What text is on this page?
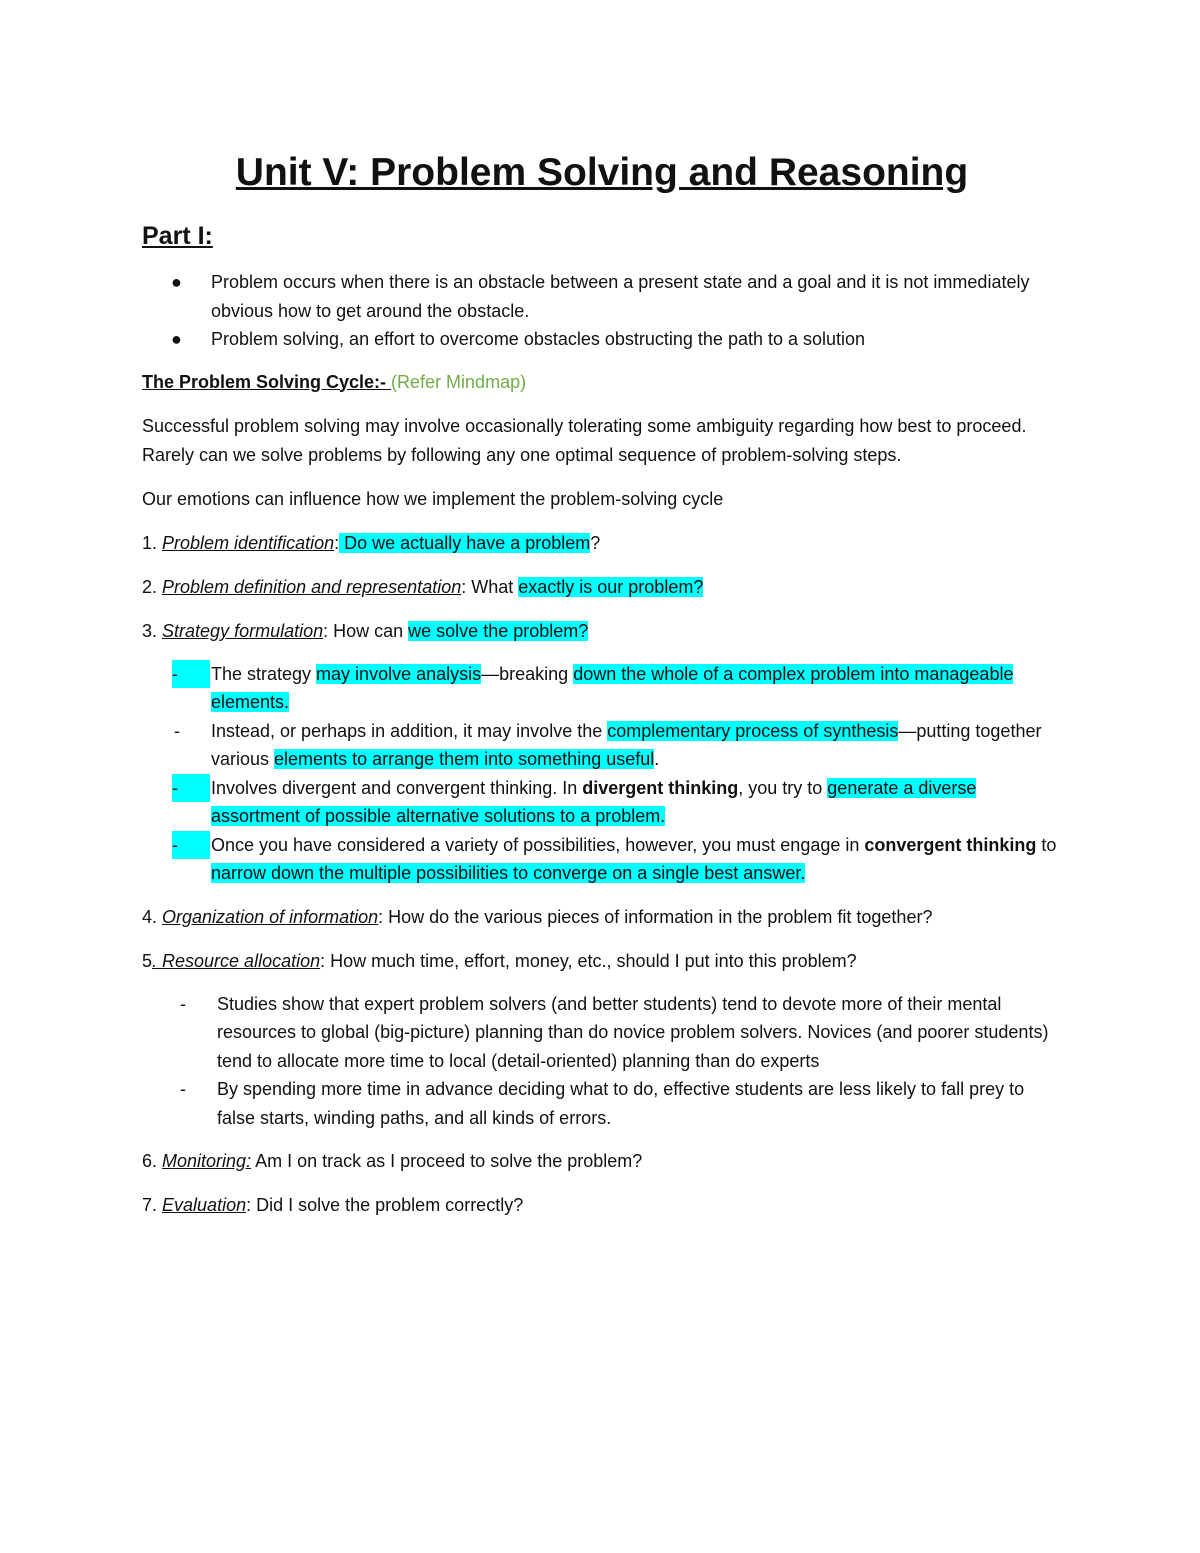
Unit V: Problem Solving and Reasoning
Part I:
● Problem occurs when there is an obstacle between a present state and a goal and it is not immediately obvious how to get around the obstacle.
● Problem solving, an effort to overcome obstacles obstructing the path to a solution

The Problem Solving Cycle:- (Refer Mindmap)

Successful problem solving may involve occasionally tolerating some ambiguity regarding how best to proceed. Rarely can we solve problems by following any one optimal sequence of problem-solving steps.

Our emotions can influence how we implement the problem-solving cycle

1. Problem identification: Do we actually have a problem?

2. Problem definition and representation: What exactly is our problem?

3. Strategy formulation: How can we solve the problem?

-	The strategy may involve analysis—breaking down the whole of a complex problem into manageable elements.
-	Instead, or perhaps in addition, it may involve the complementary process of synthesis—putting together various elements to arrange them into something useful.
-	Involves divergent and convergent thinking. In divergent thinking, you try to generate a diverse assortment of possible alternative solutions to a problem.
-	Once you have considered a variety of possibilities, however, you must engage in convergent thinking to narrow down the multiple possibilities to converge on a single best answer.

4. Organization of information: How do the various pieces of information in the problem fit together?

5. Resource allocation: How much time, effort, money, etc., should I put into this problem?

-	Studies show that expert problem solvers (and better students) tend to devote more of their mental resources to global (big-picture) planning than do novice problem solvers. Novices (and poorer students) tend to allocate more time to local (detail-oriented) planning than do experts
-	By spending more time in advance deciding what to do, effective students are less likely to fall prey to false starts, winding paths, and all kinds of errors.

6. Monitoring: Am I on track as I proceed to solve the problem?

7. Evaluation: Did I solve the problem correctly?
